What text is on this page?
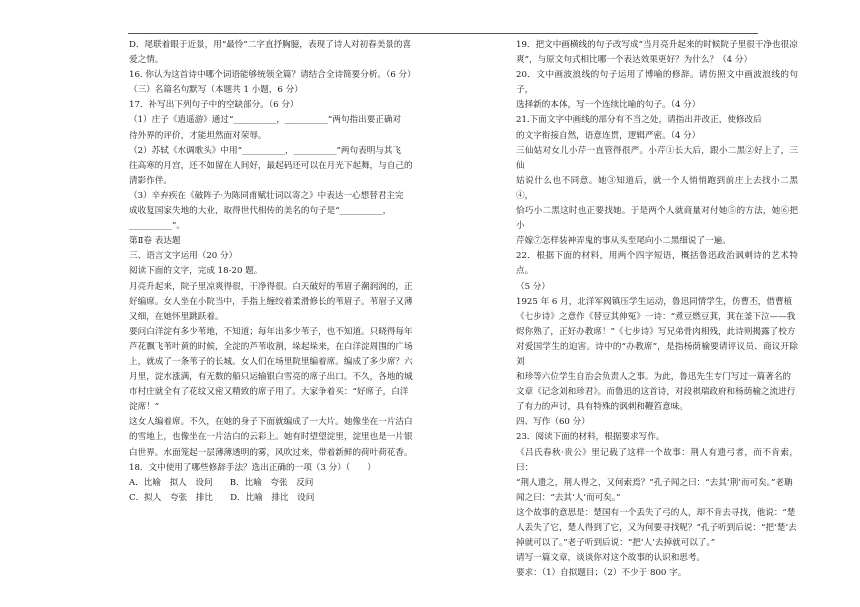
D．尾联着眼于近景，用“最怜”二字直抒胸臆，表现了诗人对初春美景的喜

爱之情。

16. 你认为这首诗中哪个词语能够统领全篇？请结合全诗简要分析。（6 分）

（三）名篇名句默写（本题共 1 小题，6 分）

17．补写出下列句子中的空缺部分。（6 分）

（1）庄子《逍遥游》通过“__________，__________”两句指出要正确对

待外界的评价，才能坦然面对荣辱。

（2）苏轼《水调歌头》中用“__________，__________”两句表明与其飞

往高寒的月宫，还不如留在人间好，最起码还可以在月光下起舞，与自己的

清影作伴。

（3）辛弃疾在《破阵子·为陈同甫赋壮词以寄之》中表达一心想替君主完

成收复国家失地的大业，取得世代相传的美名的句子是“__________，

__________”。

第Ⅱ卷 表达题

三、语言文字运用（20 分）

阅读下面的文字，完成 18-20 题。

月亮升起来，院子里凉爽得很，干净得很。白天破好的苇眉子潮润润的，正

好编席。女人坐在小院当中，手指上缠绞着柔滑修长的苇眉子。苇眉子又薄

又细，在她怀里跳跃着。

要问白洋淀有多少苇地，不知道；每年出多少苇子，也不知道。只晓得每年

芦花飘飞苇叶黄的时候，全淀的芦苇收割，垛起垛来，在白洋淀周围的广场

上，就成了一条苇子的长城。女人们在场里院里编着席。编成了多少席？六

月里，淀水涨满，有无数的船只运输银白雪亮的席子出口。不久，各地的城

市村庄就全有了花纹又密又精致的席子用了。大家争着买：“好席子，白洋

淀席！”

这女人编着席。不久，在她的身子下面就编成了一大片。她像坐在一片洁白

的雪地上，也像坐在一片洁白的云彩上。她有时望望淀里，淀里也是一片银

白世界。水面笼起一层薄薄透明的雾，风吹过来，带着新鲜的荷叶荷花香。

18．文中使用了哪些修辞手法？选出正确的一项（3 分）（　　）

A．比喻　拟人　设问　　B．比喻　夸张　反问

C．拟人　夸张　排比　　D．比喻　排比　设问

19．把文中画横线的句子改写成“当月亮升起来的时候院子里很干净也很凉

爽”，与原文句式相比哪一个表达效果更好？为什么？（4 分）

20．文中画波浪线的句子运用了博喻的修辞。请仿照文中画波浪线的句子，

选择新的本体，写一个连续比喻的句子。（4 分）

21.下面文字中画线的部分有不当之处，请指出并改正，使修改后

的文字衔接自然，语意连贯，逻辑严密。（4 分）

三仙姑对女儿小芹一直管得很严。小芹①长大后，跟小二黑②好上了，三仙

姑说什么也不同意。她③知道后，就一个人悄悄跑到前庄上去找小二黑④，

恰巧小二黑这时也正要找她。于是两个人就商量对付她⑤的方法，她⑥把小

芹嫁⑦怎样装神弄鬼的事从头至尾向小二黑细说了一遍。

22．根据下面的材料，用两个四字短语，概括鲁迅政治讽刺诗的艺术特点。

（5 分）

1925 年 6 月，北洋军阀镇压学生运动，鲁迅同情学生，仿曹丕，借曹植

《七步诗》之意作《替豆其伸冤》一诗：“煮豆燃豆萁，萁在釜下泣——我

烬你熟了，正好办教席！”《七步诗》写兄弟骨肉相残，此诗则揭露了校方

对爱国学生的迫害。诗中的“办教席”，是指杨荫榆要请评议员、商议开除刘

和珍等六位学生自治会负责人之事。为此，鲁迅先生专门写过一篇著名的

文章《记念刘和珍君》。而鲁迅的这首诗，对段祺瑞政府和杨荫榆之流进行

了有力的声讨，具有特殊的讽刺和鞭笞意味。

四、写作（60 分）

23．阅读下面的材料，根据要求写作。

《吕氏春秋·贵公》里记载了这样一个故事：荆人有遗弓者，而不肯索，曰：

“荆人遗之，荆人得之，又何索焉？”孔子闻之曰：“去其‘荆’而可矣。”老聃

闻之曰：“去其‘人’而可矣。”

这个故事的意思是：楚国有一个丢失了弓的人，却不肯去寻找，他说：“楚

人丢失了它，楚人得到了它，又为何要寻找呢？”孔子听到后说：“把‘楚’去

掉就可以了。”老子听到后说：“把‘人’去掉就可以了。”

请写一篇文章，谈谈你对这个故事的认识和思考。

要求：（1）自拟题目；（2）不少于 800 字。
